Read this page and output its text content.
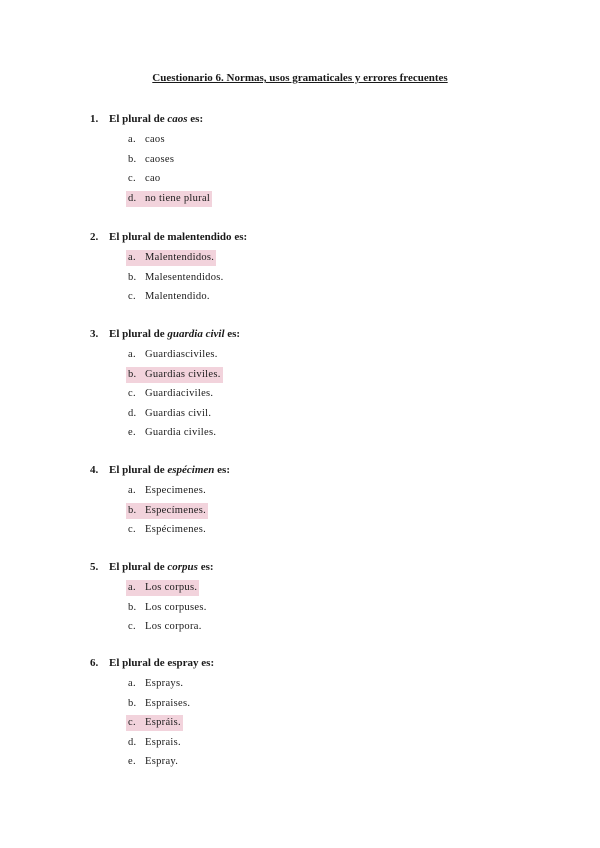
Cuestionario 6. Normas, usos gramaticales y errores frecuentes
1. El plural de caos es:
a. caos
b. caoses
c. cao
d. no tiene plural
2. El plural de malentendido es:
a. Malentendidos.
b. Malesentendidos.
c. Malentendido.
3. El plural de guardia civil es:
a. Guardiasciviles.
b. Guardias civiles.
c. Guardiaciviles.
d. Guardias civil.
e. Guardia civiles.
4. El plural de espécimen es:
a. Especimenes.
b. Especímenes.
c. Espécimenes.
5. El plural de corpus es:
a. Los corpus.
b. Los corpuses.
c. Los corpora.
6. El plural de espray es:
a. Esprays.
b. Espraises.
c. Espráis.
d. Esprais.
e. Espray.
